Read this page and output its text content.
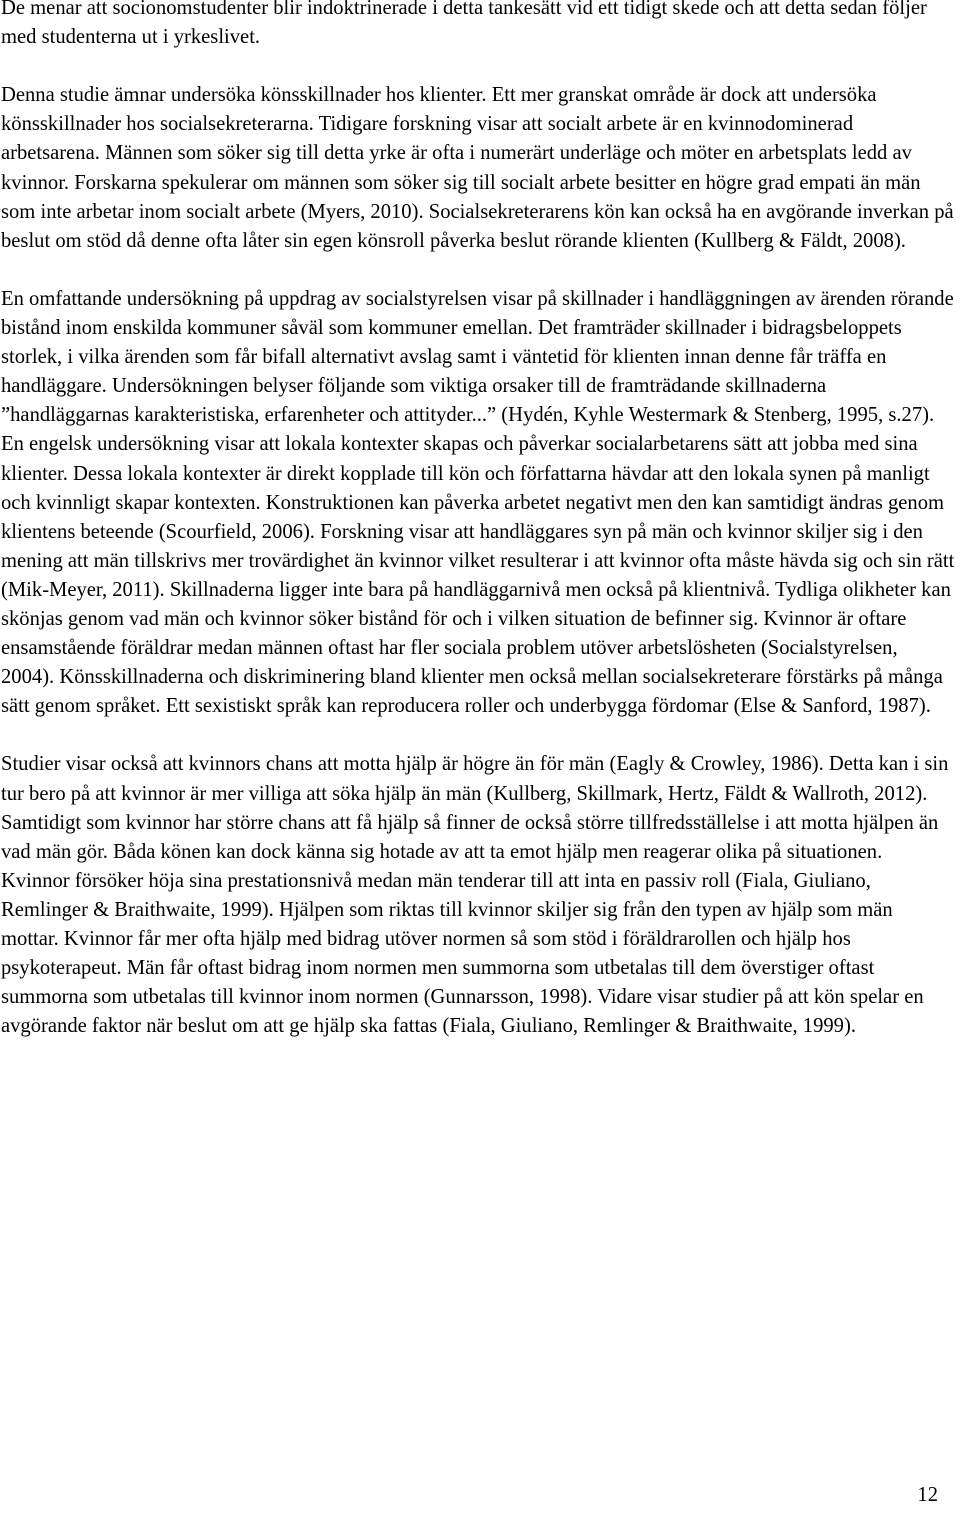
De menar att socionomstudenter blir indoktrinerade i detta tankesätt vid ett tidigt skede och att detta sedan följer med studenterna ut i yrkeslivet.

Denna studie ämnar undersöka könsskillnader hos klienter. Ett mer granskat område är dock att undersöka könsskillnader hos socialsekreterarna. Tidigare forskning visar att socialt arbete är en kvinnodominerad arbetsarena. Männen som söker sig till detta yrke är ofta i numerärt underläge och möter en arbetsplats ledd av kvinnor. Forskarna spekulerar om männen som söker sig till socialt arbete besitter en högre grad empati än män som inte arbetar inom socialt arbete (Myers, 2010). Socialsekreterarens kön kan också ha en avgörande inverkan på beslut om stöd då denne ofta låter sin egen könsroll påverka beslut rörande klienten (Kullberg & Fäldt, 2008).

En omfattande undersökning på uppdrag av socialstyrelsen visar på skillnader i handläggningen av ärenden rörande bistånd inom enskilda kommuner såväl som kommuner emellan. Det framträder skillnader i bidragsbeloppets storlek, i vilka ärenden som får bifall alternativt avslag samt i väntetid för klienten innan denne får träffa en handläggare. Undersökningen belyser följande som viktiga orsaker till de framträdande skillnaderna ”handläggarnas karakteristiska, erfarenheter och attityder...” (Hydén, Kyhle Westermark & Stenberg, 1995, s.27). En engelsk undersökning visar att lokala kontexter skapas och påverkar socialarbetarens sätt att jobba med sina klienter. Dessa lokala kontexter är direkt kopplade till kön och författarna hävdar att den lokala synen på manligt och kvinnligt skapar kontexten. Konstruktionen kan påverka arbetet negativt men den kan samtidigt ändras genom klientens beteende (Scourfield, 2006). Forskning visar att handläggares syn på män och kvinnor skiljer sig i den mening att män tillskrivs mer trovärdighet än kvinnor vilket resulterar i att kvinnor ofta måste hävda sig och sin rätt (Mik-Meyer, 2011). Skillnaderna ligger inte bara på handläggarnivå men också på klientnivå. Tydliga olikheter kan skönjas genom vad män och kvinnor söker bistånd för och i vilken situation de befinner sig. Kvinnor är oftare ensamstående föräldrar medan männen oftast har fler sociala problem utöver arbetslösheten (Socialstyrelsen, 2004). Könsskillnaderna och diskriminering bland klienter men också mellan socialsekreterare förstärks på många sätt genom språket. Ett sexistiskt språk kan reproducera roller och underbygga fördomar (Else & Sanford, 1987).

Studier visar också att kvinnors chans att motta hjälp är högre än för män (Eagly & Crowley, 1986). Detta kan i sin tur bero på att kvinnor är mer villiga att söka hjälp än män (Kullberg, Skillmark, Hertz, Fäldt & Wallroth, 2012). Samtidigt som kvinnor har större chans att få hjälp så finner de också större tillfredsställelse i att motta hjälpen än vad män gör. Båda könen kan dock känna sig hotade av att ta emot hjälp men reagerar olika på situationen. Kvinnor försöker höja sina prestationsnivå medan män tenderar till att inta en passiv roll (Fiala, Giuliano, Remlinger & Braithwaite, 1999). Hjälpen som riktas till kvinnor skiljer sig från den typen av hjälp som män mottar. Kvinnor får mer ofta hjälp med bidrag utöver normen så som stöd i föräldrarollen och hjälp hos psykoterapeut. Män får oftast bidrag inom normen men summorna som utbetalas till dem överstiger oftast summorna som utbetalas till kvinnor inom normen (Gunnarsson, 1998). Vidare visar studier på att kön spelar en avgörande faktor när beslut om att ge hjälp ska fattas (Fiala, Giuliano, Remlinger & Braithwaite, 1999).

12
